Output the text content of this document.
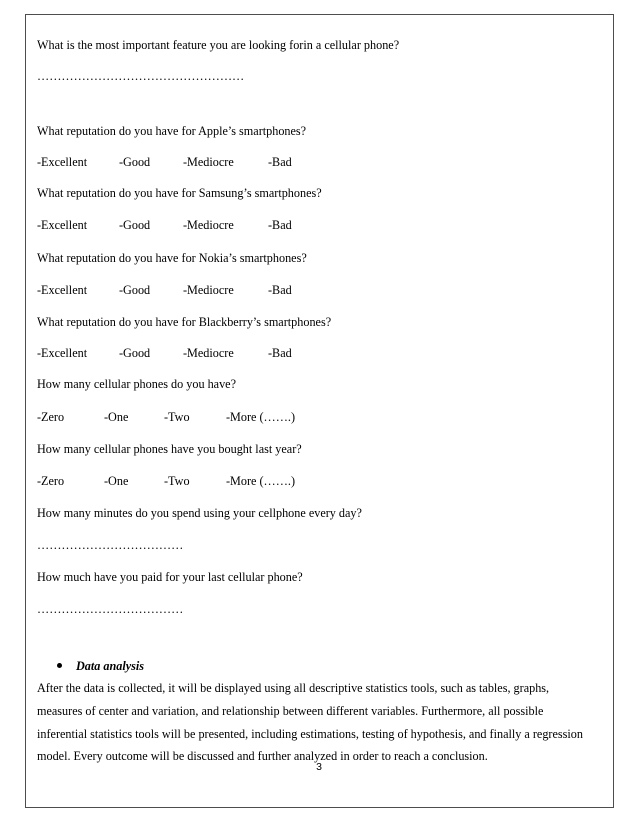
What is the most important feature you are looking forin a cellular phone?
……………………………………………
What reputation do you have for Apple’s smartphones?
-Excellent	-Good	-Mediocre	-Bad
What reputation do you have for Samsung’s smartphones?
-Excellent	-Good	-Mediocre	-Bad
What reputation do you have for Nokia’s smartphones?
-Excellent	-Good	-Mediocre	-Bad
What reputation do you have for Blackberry’s smartphones?
-Excellent	-Good	-Mediocre	-Bad
How many cellular phones do you have?
-Zero	-One	-Two	-More (…….)
How many cellular phones have you bought last year?
-Zero	-One	-Two	-More (…….)
How many minutes do you spend using your cellphone every day?
………………………………
How much have you paid for your last cellular phone?
………………………………
Data analysis
After the data is collected, it will be displayed using all descriptive statistics tools, such as tables, graphs,
measures of center and variation, and relationship between different variables. Furthermore, all possible
inferential statistics tools will be presented, including estimations, testing of hypothesis, and finally a regression
model. Every outcome will be discussed and further analyzed in order to reach a conclusion.
3
